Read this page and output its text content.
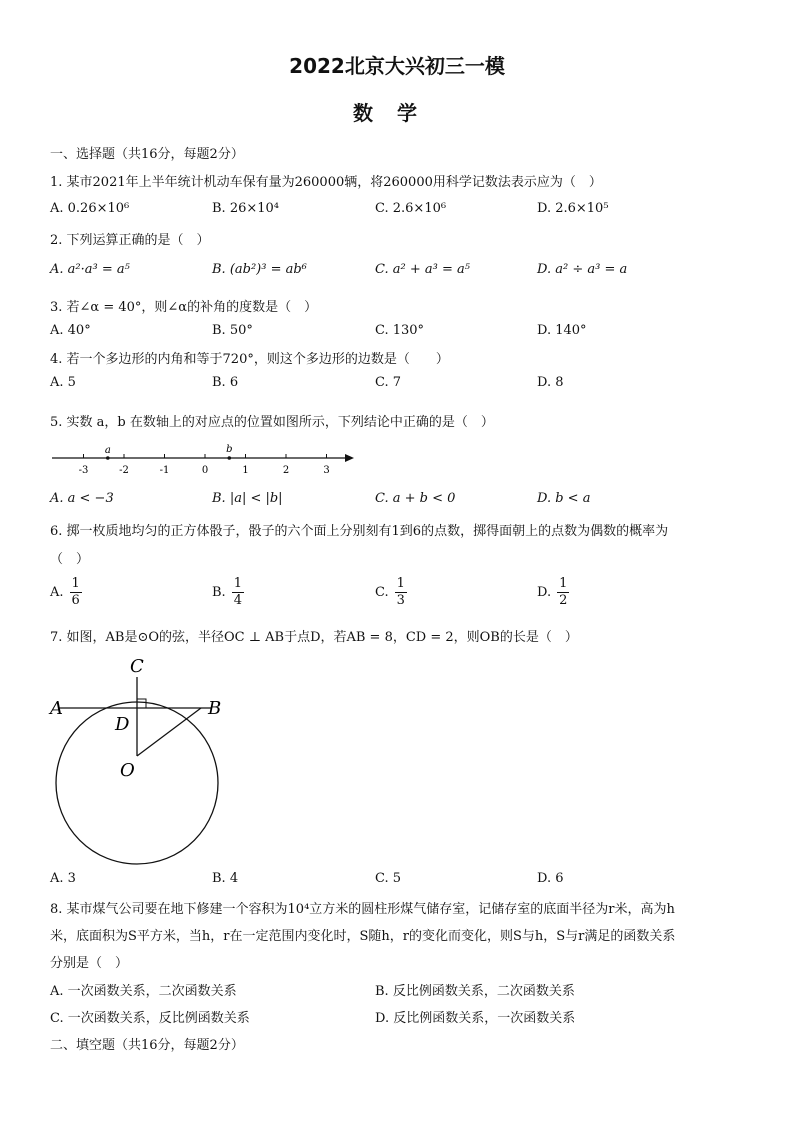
2022北京大兴初三一模
数学
一、选择题（共16分，每题2分）
1. 某市2021年上半年统计机动车保有量为260000辆，将260000用科学记数法表示应为（　）
A. 0.26×10⁶	B. 26×10⁴	C. 2.6×10⁶	D. 2.6×10⁵
2. 下列运算正确的是（　）
A. a²·a³ = a⁵	B. (ab²)³ = ab⁶	C. a² + a³ = a⁵	D. a² ÷ a³ = a
3. 若∠α = 40°，则∠α的补角的度数是（　）
A. 40°	B. 50°	C. 130°	D. 140°
4. 若一个多边形的内角和等于720°，则这个多边形的边数是（　　）
A. 5	B. 6	C. 7	D. 8
5. 实数 a，b 在数轴上的对应点的位置如图所示，下列结论中正确的是（　）
-3	-2	-1	0	1	2	3
a	b
A. a < −3	B. |a| < |b|	C. a + b < 0	D. b < a
6. 掷一枚质地均匀的正方体骰子，骰子的六个面上分别刻有1到6的点数，掷得面朝上的点数为偶数的概率为
（　）
A. $\frac{1}{6}$	B. $\frac{1}{4}$	C. $\frac{1}{3}$	D. $\frac{1}{2}$
7. 如图，AB是⊙O的弦，半径OC ⊥ AB于点D，若AB = 8，CD = 2，则OB的长是（　）
C
A	B
D
O
A. 3	B. 4	C. 5	D. 6
8. 某市煤气公司要在地下修建一个容积为10⁴立方米的圆柱形煤气储存室，记储存室的底面半径为r米，高为h
米，底面积为S平方米，当h，r在一定范围内变化时，S随h，r的变化而变化，则S与h，S与r满足的函数关系
分别是（　）
A. 一次函数关系，二次函数关系	B. 反比例函数关系，二次函数关系
C. 一次函数关系，反比例函数关系	D. 反比例函数关系，一次函数关系
二、填空题（共16分，每题2分）
